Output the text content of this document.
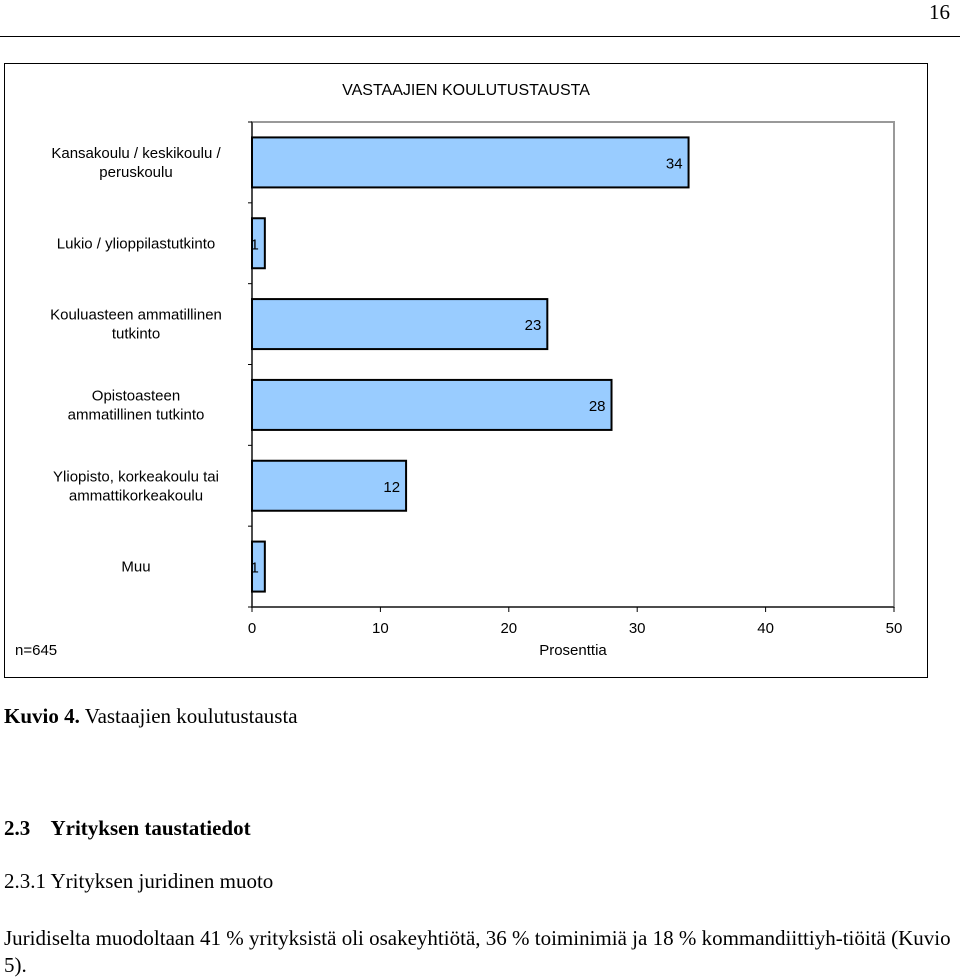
16
VASTAAJIEN KOULUTUSTAUSTA
0	10	20	30	40	50
Prosenttia
n=645
34
Kansakoulu / keskikoulu /
peruskoulu
1
Lukio / ylioppilastutkinto
23
Kouluasteen ammatillinen
tutkinto
28
Opistoasteen
ammatillinen tutkinto
12
Yliopisto, korkeakoulu tai
ammattikorkeakoulu
1
Muu
Kuvio 4. Vastaajien koulutustausta
2.3 Yrityksen taustatiedot
2.3.1 Yrityksen juridinen muoto
Juridiselta muodoltaan 41 % yrityksistä oli osakeyhtiötä, 36 % toiminimiä ja 18 % kommandiittiyh-tiöitä (Kuvio 5).
